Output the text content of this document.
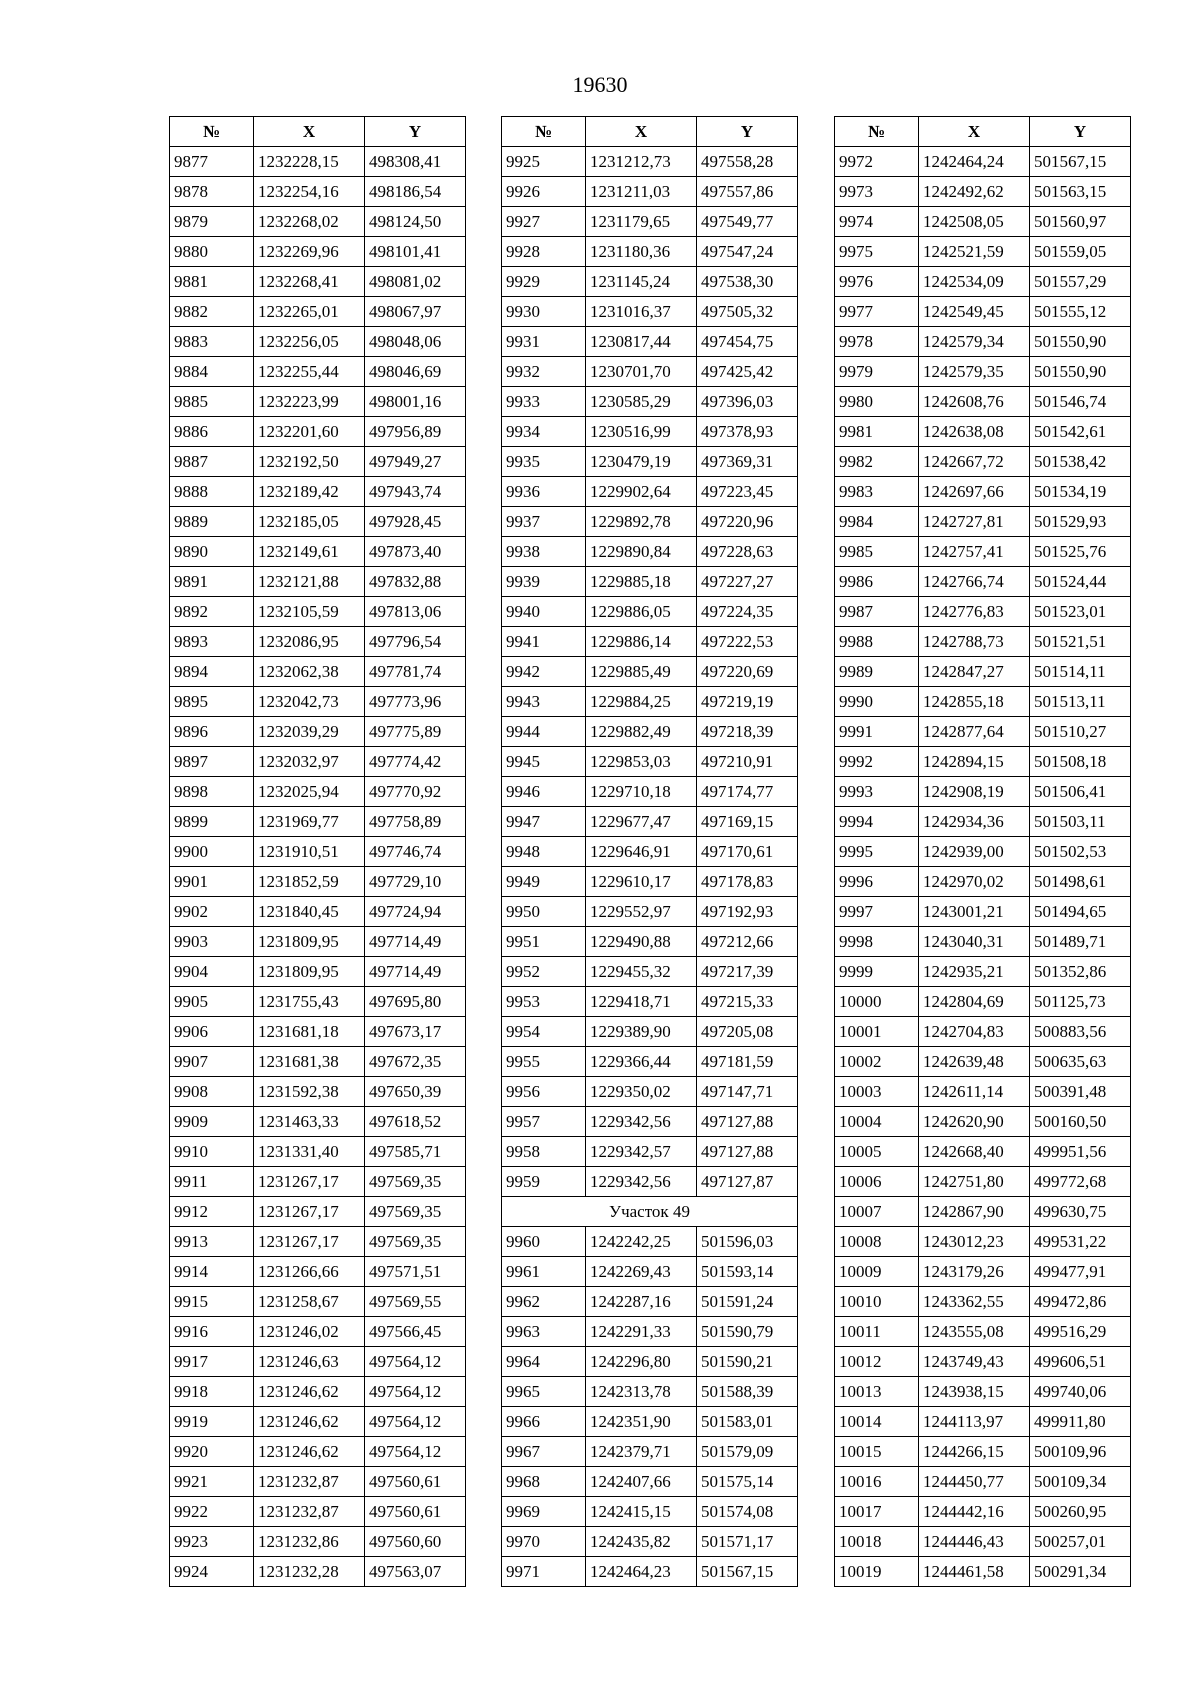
19630
№	X	Y
9877	1232228,15	498308,41
9878	1232254,16	498186,54
9879	1232268,02	498124,50
9880	1232269,96	498101,41
9881	1232268,41	498081,02
9882	1232265,01	498067,97
9883	1232256,05	498048,06
9884	1232255,44	498046,69
9885	1232223,99	498001,16
9886	1232201,60	497956,89
9887	1232192,50	497949,27
9888	1232189,42	497943,74
9889	1232185,05	497928,45
9890	1232149,61	497873,40
9891	1232121,88	497832,88
9892	1232105,59	497813,06
9893	1232086,95	497796,54
9894	1232062,38	497781,74
9895	1232042,73	497773,96
9896	1232039,29	497775,89
9897	1232032,97	497774,42
9898	1232025,94	497770,92
9899	1231969,77	497758,89
9900	1231910,51	497746,74
9901	1231852,59	497729,10
9902	1231840,45	497724,94
9903	1231809,95	497714,49
9904	1231809,95	497714,49
9905	1231755,43	497695,80
9906	1231681,18	497673,17
9907	1231681,38	497672,35
9908	1231592,38	497650,39
9909	1231463,33	497618,52
9910	1231331,40	497585,71
9911	1231267,17	497569,35
9912	1231267,17	497569,35
9913	1231267,17	497569,35
9914	1231266,66	497571,51
9915	1231258,67	497569,55
9916	1231246,02	497566,45
9917	1231246,63	497564,12
9918	1231246,62	497564,12
9919	1231246,62	497564,12
9920	1231246,62	497564,12
9921	1231232,87	497560,61
9922	1231232,87	497560,61
9923	1231232,86	497560,60
9924	1231232,28	497563,07
№	X	Y
9925	1231212,73	497558,28
9926	1231211,03	497557,86
9927	1231179,65	497549,77
9928	1231180,36	497547,24
9929	1231145,24	497538,30
9930	1231016,37	497505,32
9931	1230817,44	497454,75
9932	1230701,70	497425,42
9933	1230585,29	497396,03
9934	1230516,99	497378,93
9935	1230479,19	497369,31
9936	1229902,64	497223,45
9937	1229892,78	497220,96
9938	1229890,84	497228,63
9939	1229885,18	497227,27
9940	1229886,05	497224,35
9941	1229886,14	497222,53
9942	1229885,49	497220,69
9943	1229884,25	497219,19
9944	1229882,49	497218,39
9945	1229853,03	497210,91
9946	1229710,18	497174,77
9947	1229677,47	497169,15
9948	1229646,91	497170,61
9949	1229610,17	497178,83
9950	1229552,97	497192,93
9951	1229490,88	497212,66
9952	1229455,32	497217,39
9953	1229418,71	497215,33
9954	1229389,90	497205,08
9955	1229366,44	497181,59
9956	1229350,02	497147,71
9957	1229342,56	497127,88
9958	1229342,57	497127,88
9959	1229342,56	497127,87
Участок 49		
9960	1242242,25	501596,03
9961	1242269,43	501593,14
9962	1242287,16	501591,24
9963	1242291,33	501590,79
9964	1242296,80	501590,21
9965	1242313,78	501588,39
9966	1242351,90	501583,01
9967	1242379,71	501579,09
9968	1242407,66	501575,14
9969	1242415,15	501574,08
9970	1242435,82	501571,17
9971	1242464,23	501567,15
№	X	Y
9972	1242464,24	501567,15
9973	1242492,62	501563,15
9974	1242508,05	501560,97
9975	1242521,59	501559,05
9976	1242534,09	501557,29
9977	1242549,45	501555,12
9978	1242579,34	501550,90
9979	1242579,35	501550,90
9980	1242608,76	501546,74
9981	1242638,08	501542,61
9982	1242667,72	501538,42
9983	1242697,66	501534,19
9984	1242727,81	501529,93
9985	1242757,41	501525,76
9986	1242766,74	501524,44
9987	1242776,83	501523,01
9988	1242788,73	501521,51
9989	1242847,27	501514,11
9990	1242855,18	501513,11
9991	1242877,64	501510,27
9992	1242894,15	501508,18
9993	1242908,19	501506,41
9994	1242934,36	501503,11
9995	1242939,00	501502,53
9996	1242970,02	501498,61
9997	1243001,21	501494,65
9998	1243040,31	501489,71
9999	1242935,21	501352,86
10000	1242804,69	501125,73
10001	1242704,83	500883,56
10002	1242639,48	500635,63
10003	1242611,14	500391,48
10004	1242620,90	500160,50
10005	1242668,40	499951,56
10006	1242751,80	499772,68
10007	1242867,90	499630,75
10008	1243012,23	499531,22
10009	1243179,26	499477,91
10010	1243362,55	499472,86
10011	1243555,08	499516,29
10012	1243749,43	499606,51
10013	1243938,15	499740,06
10014	1244113,97	499911,80
10015	1244266,15	500109,96
10016	1244450,77	500109,34
10017	1244442,16	500260,95
10018	1244446,43	500257,01
10019	1244461,58	500291,34
